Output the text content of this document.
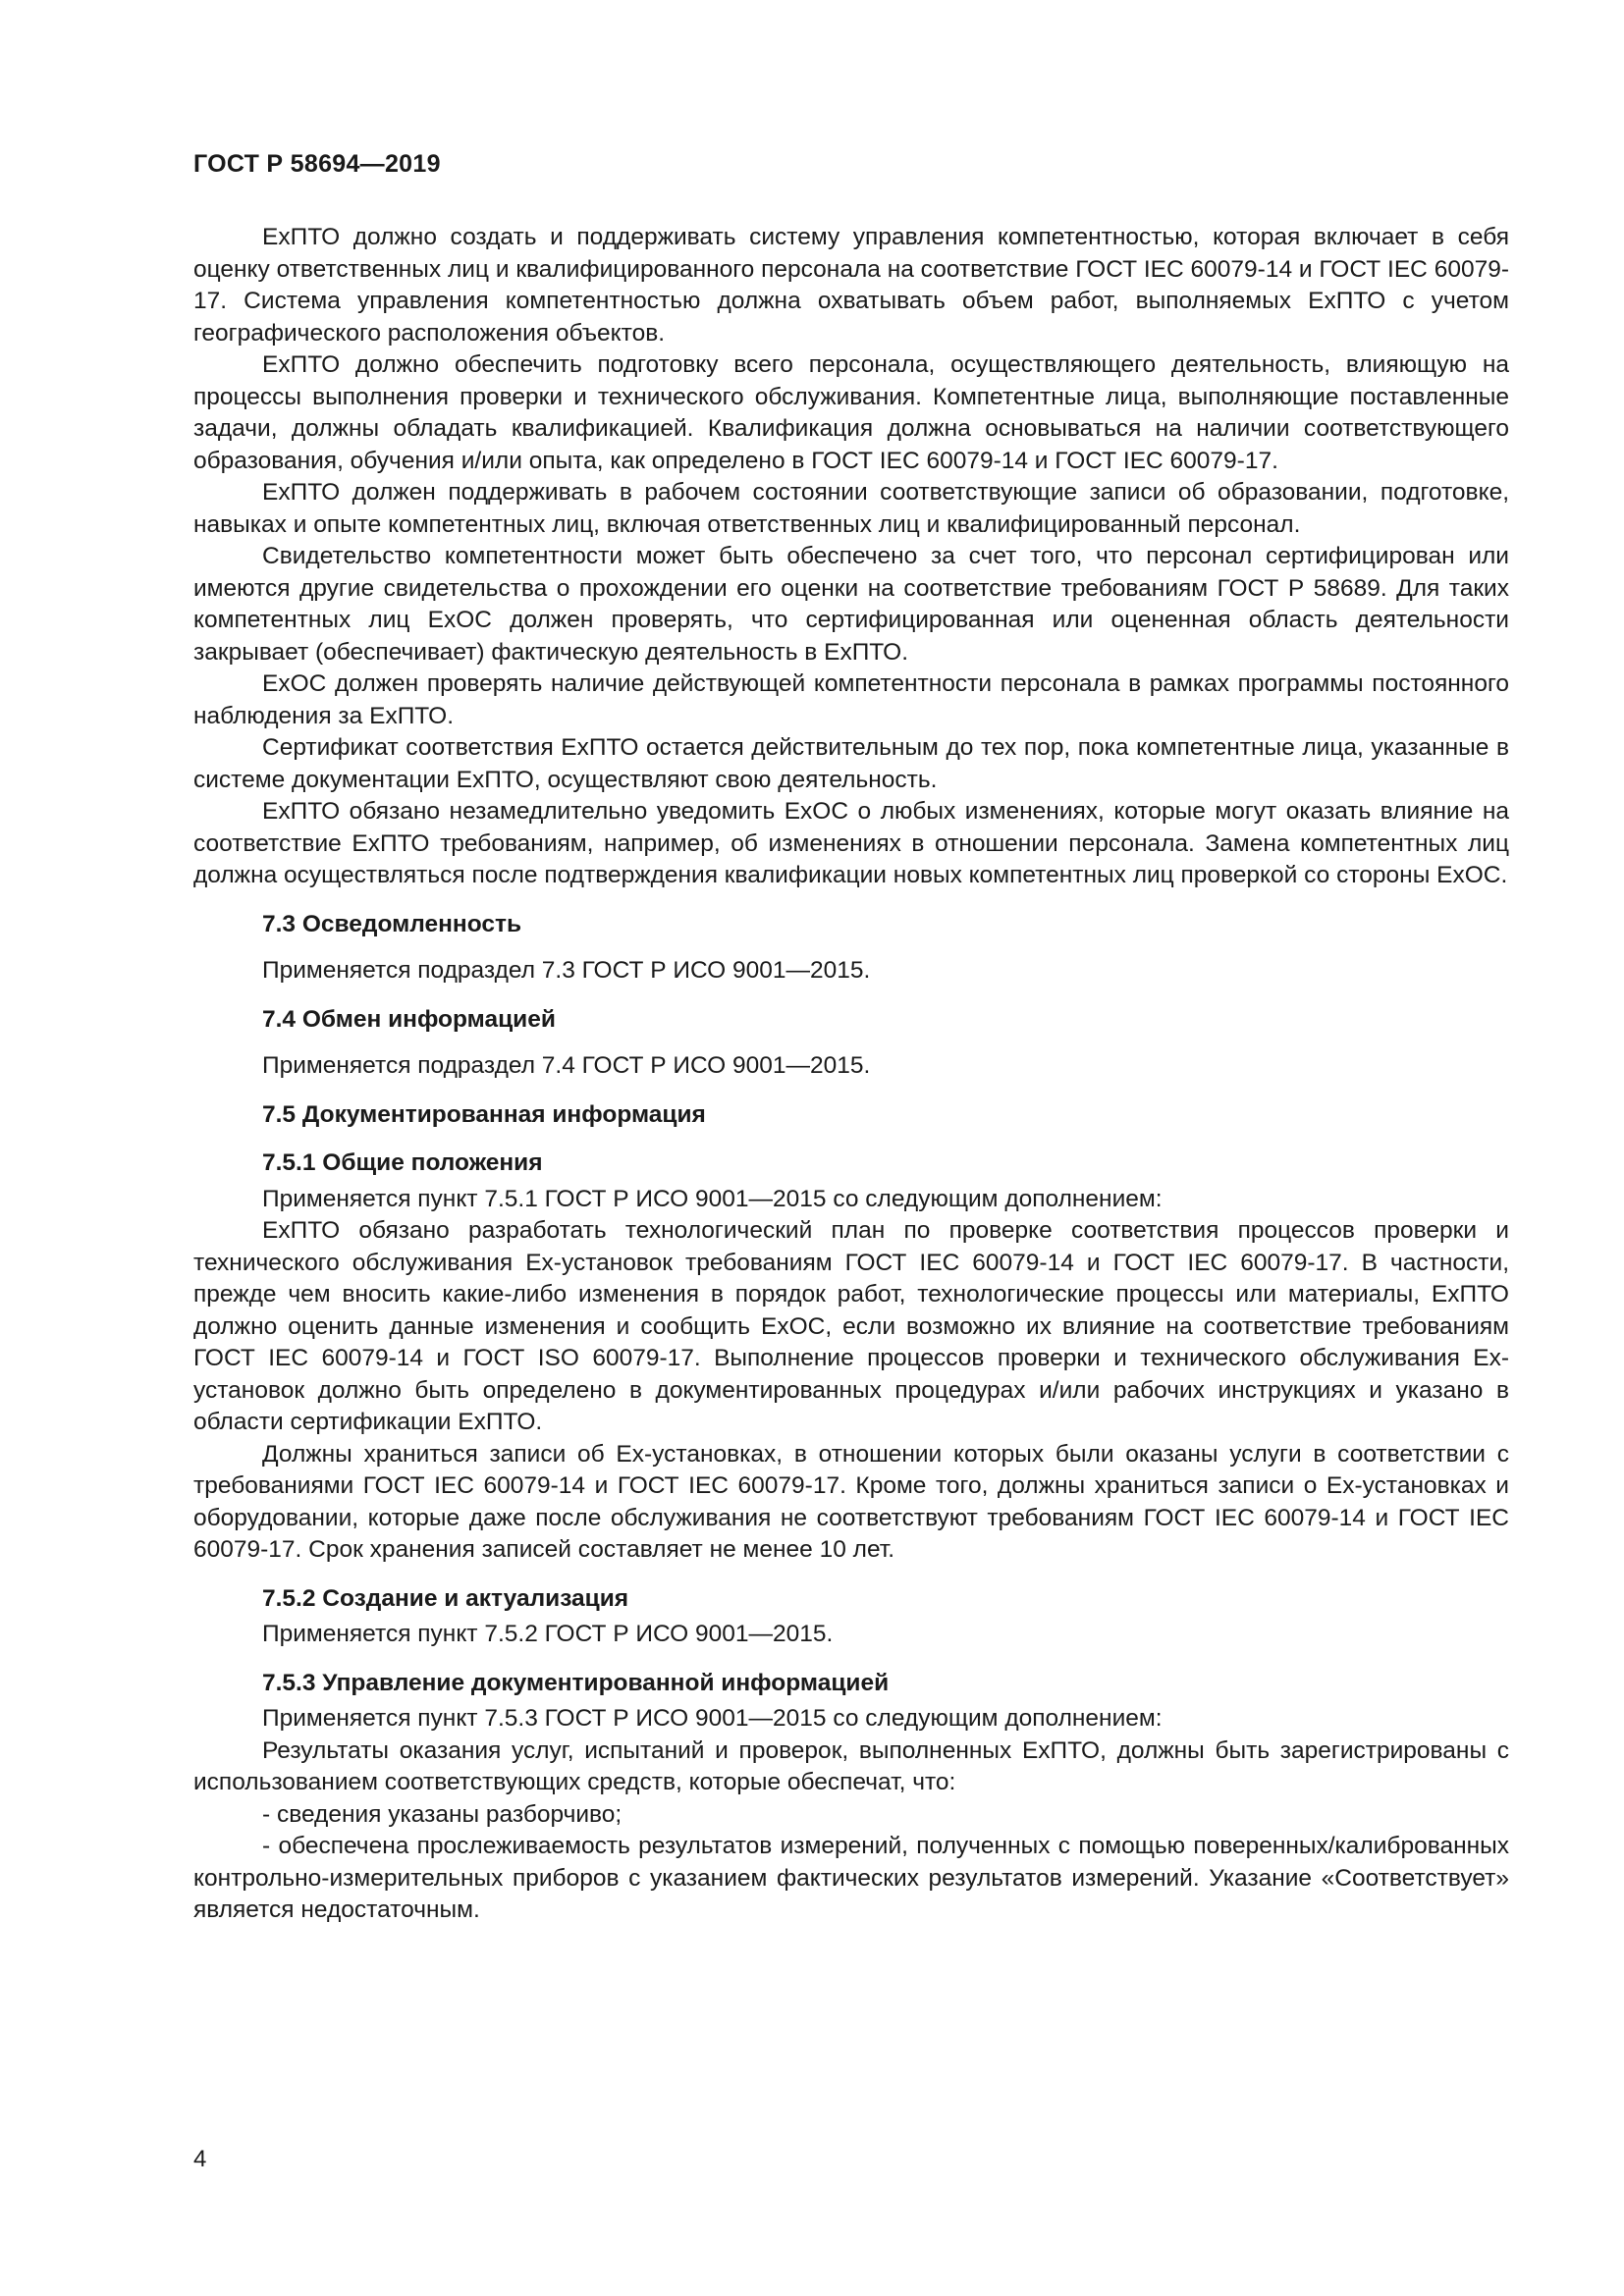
ГОСТ Р 58694—2019

ExПТО должно создать и поддерживать систему управления компетентностью, которая включает в себя оценку ответственных лиц и квалифицированного персонала на соответствие ГОСТ IEC 60079-14 и ГОСТ IEC 60079-17. Система управления компетентностью должна охватывать объем работ, выполняемых ExПТО с учетом географического расположения объектов.

ExПТО должно обеспечить подготовку всего персонала, осуществляющего деятельность, влияющую на процессы выполнения проверки и технического обслуживания. Компетентные лица, выполняющие поставленные задачи, должны обладать квалификацией. Квалификация должна основываться на наличии соответствующего образования, обучения и/или опыта, как определено в ГОСТ IEC 60079-14 и ГОСТ IEC 60079-17.

ExПТО должен поддерживать в рабочем состоянии соответствующие записи об образовании, подготовке, навыках и опыте компетентных лиц, включая ответственных лиц и квалифицированный персонал.

Свидетельство компетентности может быть обеспечено за счет того, что персонал сертифицирован или имеются другие свидетельства о прохождении его оценки на соответствие требованиям ГОСТ Р 58689. Для таких компетентных лиц ExОС должен проверять, что сертифицированная или оцененная область деятельности закрывает (обеспечивает) фактическую деятельность в ExПТО.

ExОС должен проверять наличие действующей компетентности персонала в рамках программы постоянного наблюдения за ExПТО.

Сертификат соответствия ExПТО остается действительным до тех пор, пока компетентные лица, указанные в системе документации ExПТО, осуществляют свою деятельность.

ExПТО обязано незамедлительно уведомить ExОС о любых изменениях, которые могут оказать влияние на соответствие ExПТО требованиям, например, об изменениях в отношении персонала. Замена компетентных лиц должна осуществляться после подтверждения квалификации новых компетентных лиц проверкой со стороны ExОС.

7.3 Осведомленность

Применяется подраздел 7.3 ГОСТ Р ИСО 9001—2015.

7.4 Обмен информацией

Применяется подраздел 7.4 ГОСТ Р ИСО 9001—2015.

7.5 Документированная информация
7.5.1 Общие положения

Применяется пункт 7.5.1 ГОСТ Р ИСО 9001—2015 со следующим дополнением:

ExПТО обязано разработать технологический план по проверке соответствия процессов проверки и технического обслуживания Ex-установок требованиям ГОСТ IEC 60079-14 и ГОСТ IEC 60079-17. В частности, прежде чем вносить какие-либо изменения в порядок работ, технологические процессы или материалы, ExПТО должно оценить данные изменения и сообщить ExОС, если возможно их влияние на соответствие требованиям ГОСТ IEC 60079-14 и ГОСТ ISO 60079-17. Выполнение процессов проверки и технического обслуживания Ex-установок должно быть определено в документированных процедурах и/или рабочих инструкциях и указано в области сертификации ExПТО.

Должны храниться записи об Ex-установках, в отношении которых были оказаны услуги в соответствии с требованиями ГОСТ IEC 60079-14 и ГОСТ IEC 60079-17. Кроме того, должны храниться записи о Ex-установках и оборудовании, которые даже после обслуживания не соответствуют требованиям ГОСТ IEC 60079-14 и ГОСТ IEC 60079-17. Срок хранения записей составляет не менее 10 лет.

7.5.2 Создание и актуализация

Применяется пункт 7.5.2 ГОСТ Р ИСО 9001—2015.

7.5.3 Управление документированной информацией

Применяется пункт 7.5.3 ГОСТ Р ИСО 9001—2015 со следующим дополнением:

Результаты оказания услуг, испытаний и проверок, выполненных ExПТО, должны быть зарегистрированы с использованием соответствующих средств, которые обеспечат, что:

- сведения указаны разборчиво;

- обеспечена прослеживаемость результатов измерений, полученных с помощью поверенных/калиброванных контрольно-измерительных приборов с указанием фактических результатов измерений. Указание «Соответствует» является недостаточным.

4
